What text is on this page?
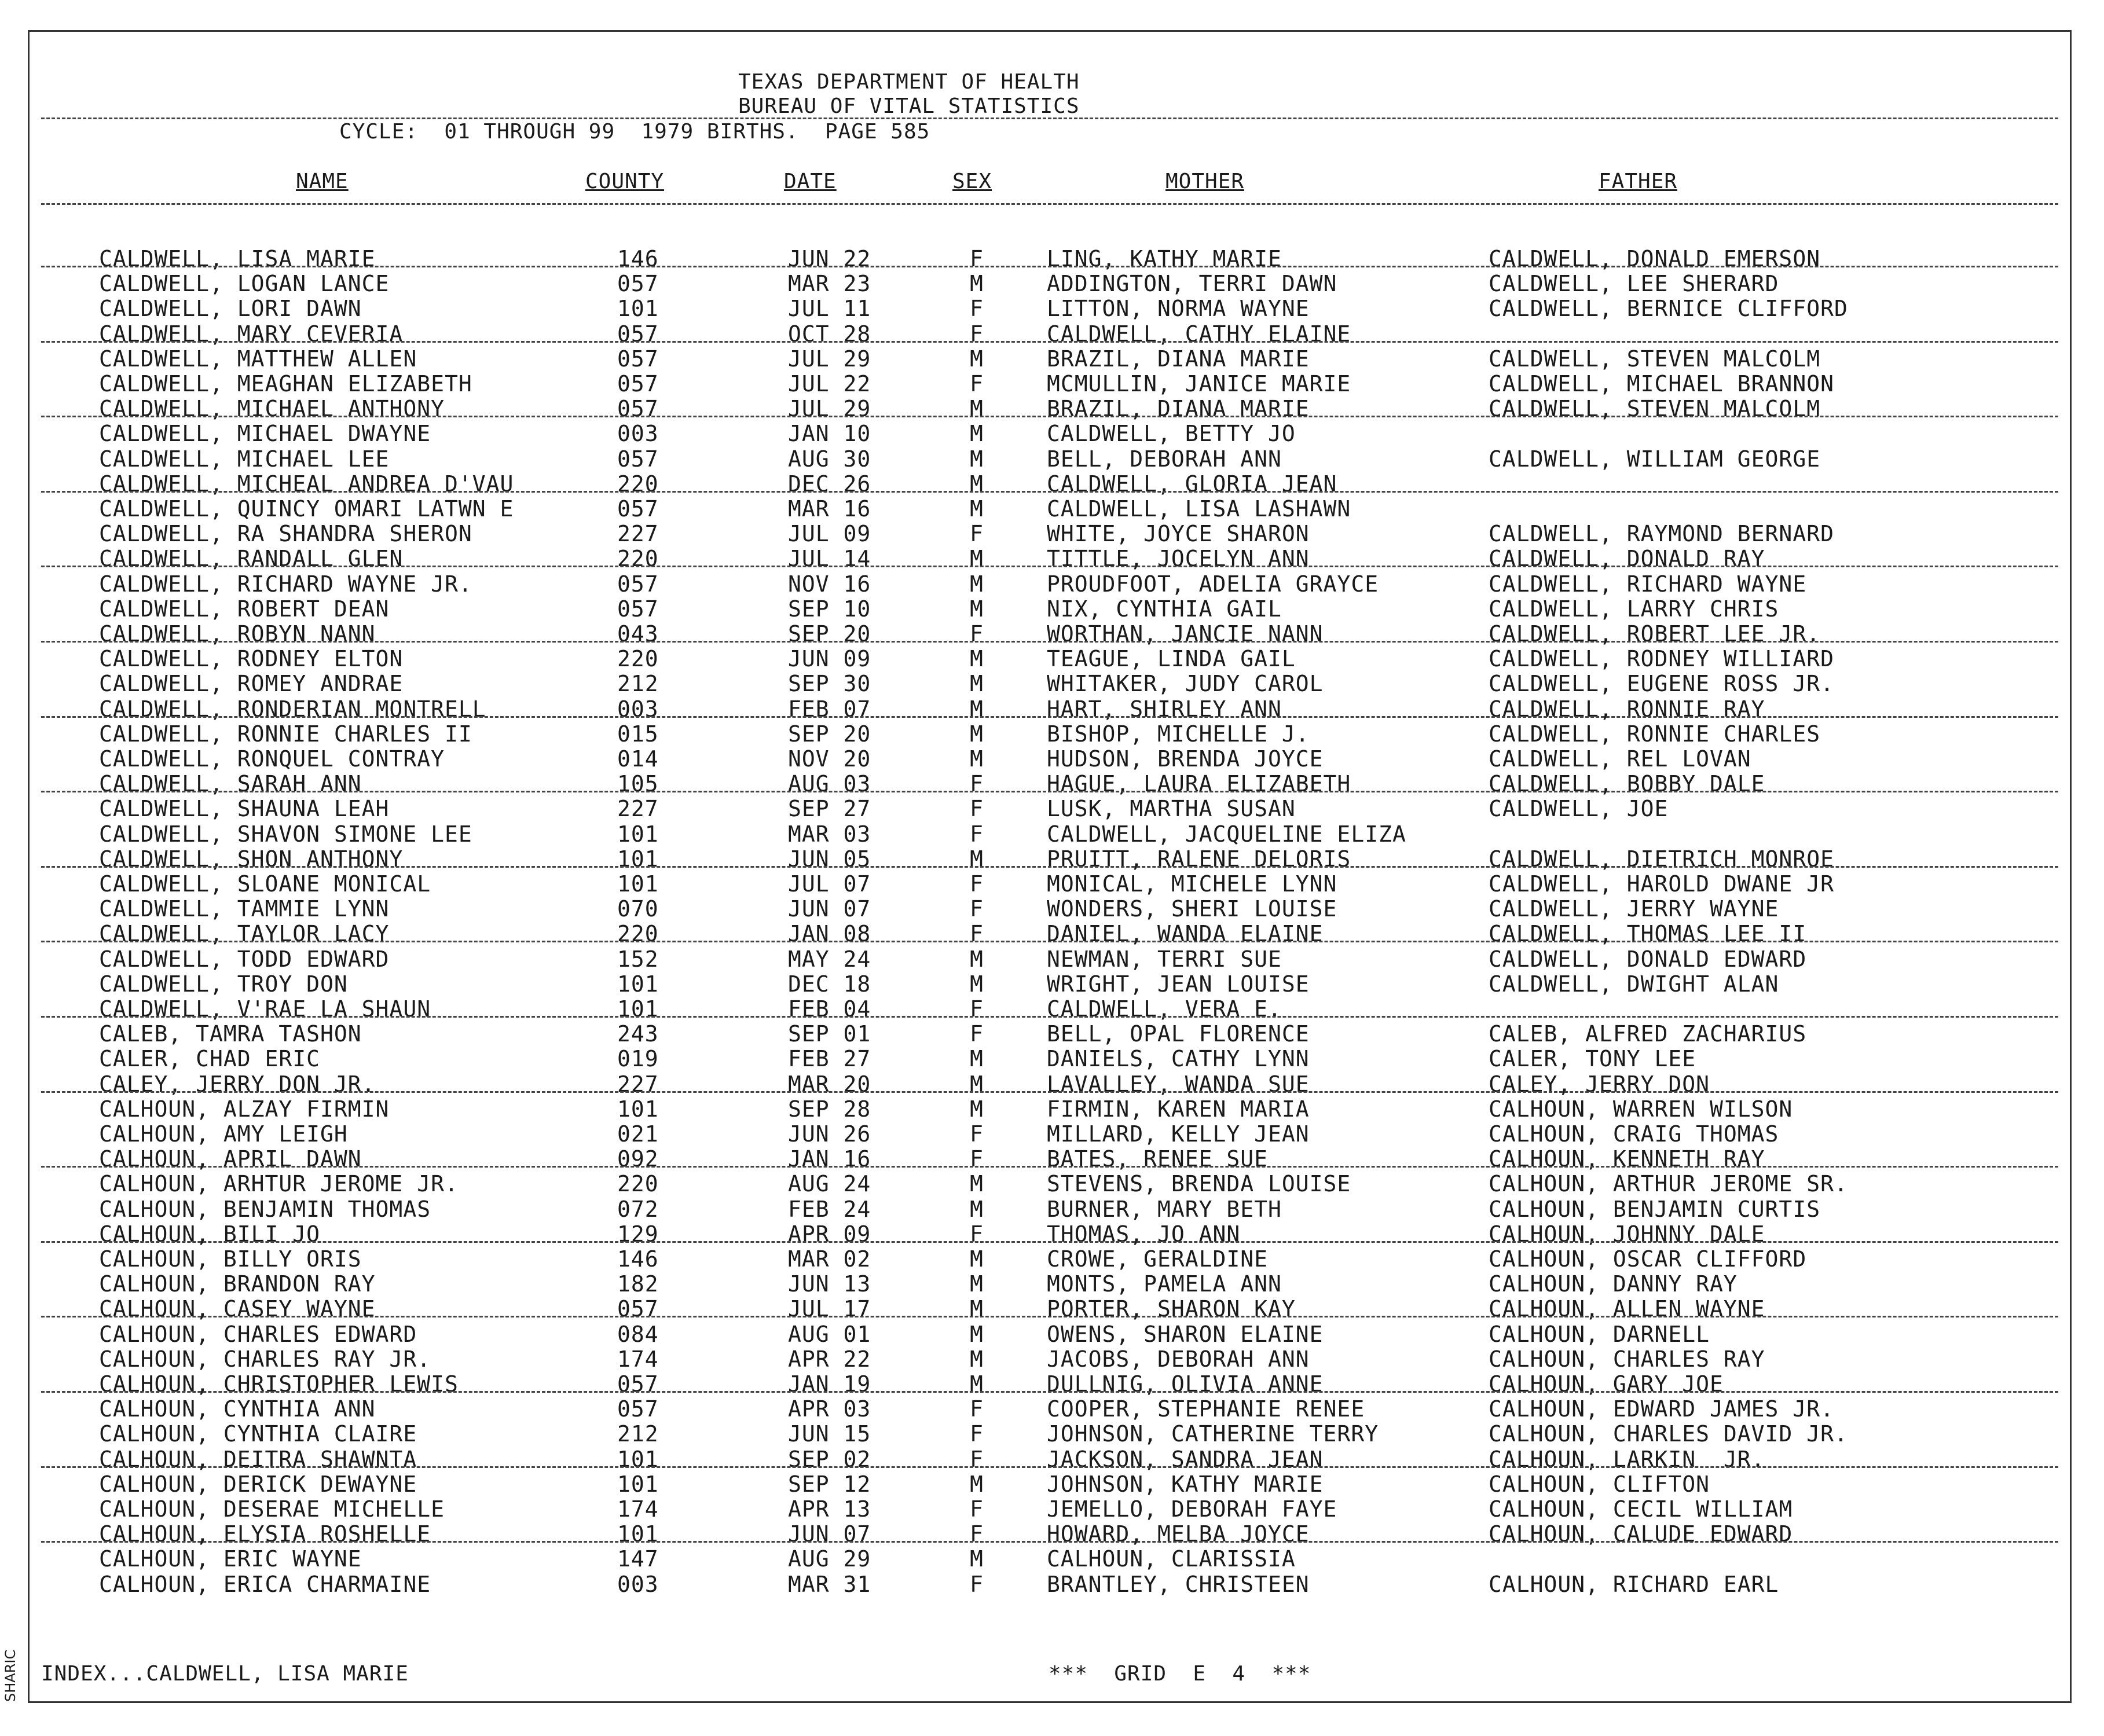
TEXAS DEPARTMENT OF HEALTH
BUREAU OF VITAL STATISTICS
CYCLE:  01 THROUGH 99  1979 BIRTHS.  PAGE 585
NAME	COUNTY	DATE	SEX	MOTHER	FATHER
CALDWELL, LISA MARIE	146	JUN 22	F	LING, KATHY MARIE	CALDWELL, DONALD EMERSON
CALDWELL, LOGAN LANCE	057	MAR 23	M	ADDINGTON, TERRI DAWN	CALDWELL, LEE SHERARD
CALDWELL, LORI DAWN	101	JUL 11	F	LITTON, NORMA WAYNE	CALDWELL, BERNICE CLIFFORD
CALDWELL, MARY CEVERIA	057	OCT 28	F	CALDWELL, CATHY ELAINE
CALDWELL, MATTHEW ALLEN	057	JUL 29	M	BRAZIL, DIANA MARIE	CALDWELL, STEVEN MALCOLM
CALDWELL, MEAGHAN ELIZABETH	057	JUL 22	F	MCMULLIN, JANICE MARIE	CALDWELL, MICHAEL BRANNON
CALDWELL, MICHAEL ANTHONY	057	JUL 29	M	BRAZIL, DIANA MARIE	CALDWELL, STEVEN MALCOLM
CALDWELL, MICHAEL DWAYNE	003	JAN 10	M	CALDWELL, BETTY JO
CALDWELL, MICHAEL LEE	057	AUG 30	M	BELL, DEBORAH ANN	CALDWELL, WILLIAM GEORGE
CALDWELL, MICHEAL ANDREA D'VAU	220	DEC 26	M	CALDWELL, GLORIA JEAN
CALDWELL, QUINCY OMARI LATWN E	057	MAR 16	M	CALDWELL, LISA LASHAWN
CALDWELL, RA SHANDRA SHERON	227	JUL 09	F	WHITE, JOYCE SHARON	CALDWELL, RAYMOND BERNARD
CALDWELL, RANDALL GLEN	220	JUL 14	M	TITTLE, JOCELYN ANN	CALDWELL, DONALD RAY
CALDWELL, RICHARD WAYNE JR.	057	NOV 16	M	PROUDFOOT, ADELIA GRAYCE	CALDWELL, RICHARD WAYNE
CALDWELL, ROBERT DEAN	057	SEP 10	M	NIX, CYNTHIA GAIL	CALDWELL, LARRY CHRIS
CALDWELL, ROBYN NANN	043	SEP 20	F	WORTHAN, JANCIE NANN	CALDWELL, ROBERT LEE JR.
CALDWELL, RODNEY ELTON	220	JUN 09	M	TEAGUE, LINDA GAIL	CALDWELL, RODNEY WILLIARD
CALDWELL, ROMEY ANDRAE	212	SEP 30	M	WHITAKER, JUDY CAROL	CALDWELL, EUGENE ROSS JR.
CALDWELL, RONDERIAN MONTRELL	003	FEB 07	M	HART, SHIRLEY ANN	CALDWELL, RONNIE RAY
CALDWELL, RONNIE CHARLES II	015	SEP 20	M	BISHOP, MICHELLE J.	CALDWELL, RONNIE CHARLES
CALDWELL, RONQUEL CONTRAY	014	NOV 20	M	HUDSON, BRENDA JOYCE	CALDWELL, REL LOVAN
CALDWELL, SARAH ANN	105	AUG 03	F	HAGUE, LAURA ELIZABETH	CALDWELL, BOBBY DALE
CALDWELL, SHAUNA LEAH	227	SEP 27	F	LUSK, MARTHA SUSAN	CALDWELL, JOE
CALDWELL, SHAVON SIMONE LEE	101	MAR 03	F	CALDWELL, JACQUELINE ELIZA
CALDWELL, SHON ANTHONY	101	JUN 05	M	PRUITT, RALENE DELORIS	CALDWELL, DIETRICH MONROE
CALDWELL, SLOANE MONICAL	101	JUL 07	F	MONICAL, MICHELE LYNN	CALDWELL, HAROLD DWANE JR
CALDWELL, TAMMIE LYNN	070	JUN 07	F	WONDERS, SHERI LOUISE	CALDWELL, JERRY WAYNE
CALDWELL, TAYLOR LACY	220	JAN 08	F	DANIEL, WANDA ELAINE	CALDWELL, THOMAS LEE II
CALDWELL, TODD EDWARD	152	MAY 24	M	NEWMAN, TERRI SUE	CALDWELL, DONALD EDWARD
CALDWELL, TROY DON	101	DEC 18	M	WRIGHT, JEAN LOUISE	CALDWELL, DWIGHT ALAN
CALDWELL, V'RAE LA SHAUN	101	FEB 04	F	CALDWELL, VERA E.
CALEB, TAMRA TASHON	243	SEP 01	F	BELL, OPAL FLORENCE	CALEB, ALFRED ZACHARIUS
CALER, CHAD ERIC	019	FEB 27	M	DANIELS, CATHY LYNN	CALER, TONY LEE
CALEY, JERRY DON JR.	227	MAR 20	M	LAVALLEY, WANDA SUE	CALEY, JERRY DON
CALHOUN, ALZAY FIRMIN	101	SEP 28	M	FIRMIN, KAREN MARIA	CALHOUN, WARREN WILSON
CALHOUN, AMY LEIGH	021	JUN 26	F	MILLARD, KELLY JEAN	CALHOUN, CRAIG THOMAS
CALHOUN, APRIL DAWN	092	JAN 16	F	BATES, RENEE SUE	CALHOUN, KENNETH RAY
CALHOUN, ARHTUR JEROME JR.	220	AUG 24	M	STEVENS, BRENDA LOUISE	CALHOUN, ARTHUR JEROME SR.
CALHOUN, BENJAMIN THOMAS	072	FEB 24	M	BURNER, MARY BETH	CALHOUN, BENJAMIN CURTIS
CALHOUN, BILI JO	129	APR 09	F	THOMAS, JO ANN	CALHOUN, JOHNNY DALE
CALHOUN, BILLY ORIS	146	MAR 02	M	CROWE, GERALDINE	CALHOUN, OSCAR CLIFFORD
CALHOUN, BRANDON RAY	182	JUN 13	M	MONTS, PAMELA ANN	CALHOUN, DANNY RAY
CALHOUN, CASEY WAYNE	057	JUL 17	M	PORTER, SHARON KAY	CALHOUN, ALLEN WAYNE
CALHOUN, CHARLES EDWARD	084	AUG 01	M	OWENS, SHARON ELAINE	CALHOUN, DARNELL
CALHOUN, CHARLES RAY JR.	174	APR 22	M	JACOBS, DEBORAH ANN	CALHOUN, CHARLES RAY
CALHOUN, CHRISTOPHER LEWIS	057	JAN 19	M	DULLNIG, OLIVIA ANNE	CALHOUN, GARY JOE
CALHOUN, CYNTHIA ANN	057	APR 03	F	COOPER, STEPHANIE RENEE	CALHOUN, EDWARD JAMES JR.
CALHOUN, CYNTHIA CLAIRE	212	JUN 15	F	JOHNSON, CATHERINE TERRY	CALHOUN, CHARLES DAVID JR.
CALHOUN, DEITRA SHAWNTA	101	SEP 02	F	JACKSON, SANDRA JEAN	CALHOUN, LARKIN  JR.
CALHOUN, DERICK DEWAYNE	101	SEP 12	M	JOHNSON, KATHY MARIE	CALHOUN, CLIFTON
CALHOUN, DESERAE MICHELLE	174	APR 13	F	JEMELLO, DEBORAH FAYE	CALHOUN, CECIL WILLIAM
CALHOUN, ELYSIA ROSHELLE	101	JUN 07	F	HOWARD, MELBA JOYCE	CALHOUN, CALUDE EDWARD
CALHOUN, ERIC WAYNE	147	AUG 29	M	CALHOUN, CLARISSIA
CALHOUN, ERICA CHARMAINE	003	MAR 31	F	BRANTLEY, CHRISTEEN	CALHOUN, RICHARD EARL
INDEX...CALDWELL, LISA MARIE	***  GRID  E  4  ***
SHARIC
